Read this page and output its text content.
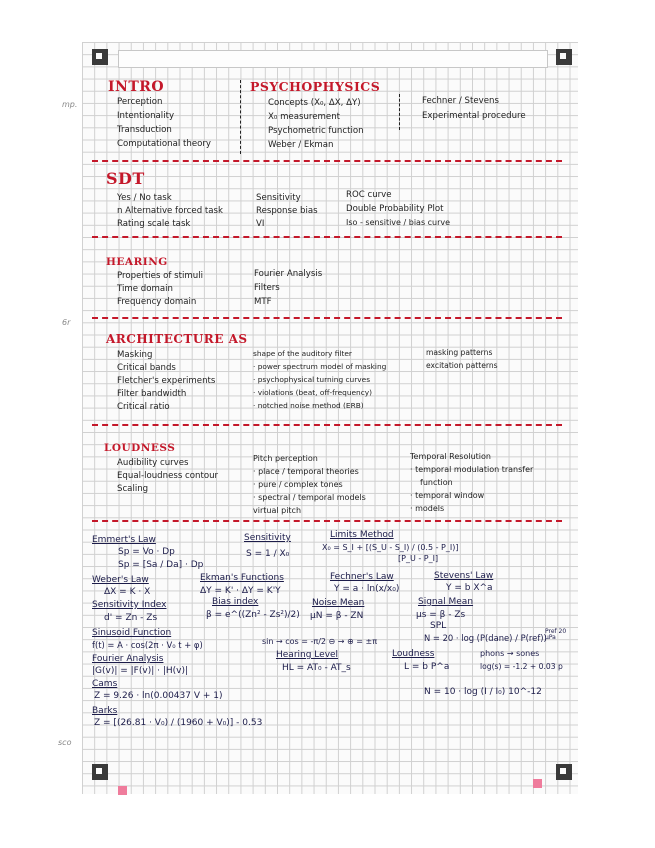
mp.
6r
sco
INTRO
Perception
Intentionality
Transduction
Computational theory
PSYCHOPHYSICS
Concepts (X₀, ΔX, ΔY)
X₀ measurement
Psychometric function
Weber / Ekman
Fechner / Stevens
Experimental procedure
SDT
Yes / No task
n Alternative forced task
Rating scale task
Sensitivity
Response bias
VI
ROC curve
Double Probability Plot
Iso - sensitive / bias curve
HEARING
Properties of stimuli
Time domain
Frequency domain
Fourier Analysis
Filters
MTF
ARCHITECTURE AS
Masking
Critical bands
Fletcher's experiments
Filter bandwidth
Critical ratio
shape of the auditory filter
· power spectrum model of masking
· psychophysical turning curves
· violations (beat, off-frequency)
· notched noise method (ERB)
masking patterns
excitation patterns
LOUDNESS
Audibility curves
Equal-loudness contour
Scaling
Pitch perception
· place / temporal theories
· pure / complex tones
· spectral / temporal models
virtual pitch
Temporal Resolution
· temporal modulation transfer
function
· temporal window
· models
Emmert's Law
Sp = Vo · Dp
Sp = [Sa / Da] · Dp
Sensitivity
S = 1 / X₀
Limits Method
X₀ = S_I + [(S_U - S_I) / (0.5 - P_I)]
[P_U - P_I]
Weber's Law
ΔX = K · X
Ekman's Functions
ΔY = K' · ΔY = K'Y
Fechner's Law
Y = a · ln(x/x₀)
Stevens' Law
Y = b X^a
Sensitivity Index
d' = Zn - Zs
Bias index
β = e^((Zn² - Zs²)/2)
Noise Mean
μN = β - ZN
Signal Mean
μs = β - Zs
SPL
Sinusoid Function
f(t) = A · cos(2π · V₀ t + φ)	sin → cos = -π/2 ⊖ → ⊕ = ±π	N = 20 · log (P(dane) / P(ref))
Pref 20 μPa
Fourier Analysis
|G(v)| = |F(v)| · |H(v)|
Hearing Level
HL = AT₀ - AT_s
Loudness
L = b P^a
phons → sones
log(s) = -1.2 + 0.03 p
Cams
Z = 9.26 · ln(0.00437 V + 1)	N = 10 · log (I / I₀) 10^-12
Barks
Z = [(26.81 · V₀) / (1960 + V₀)] - 0.53
